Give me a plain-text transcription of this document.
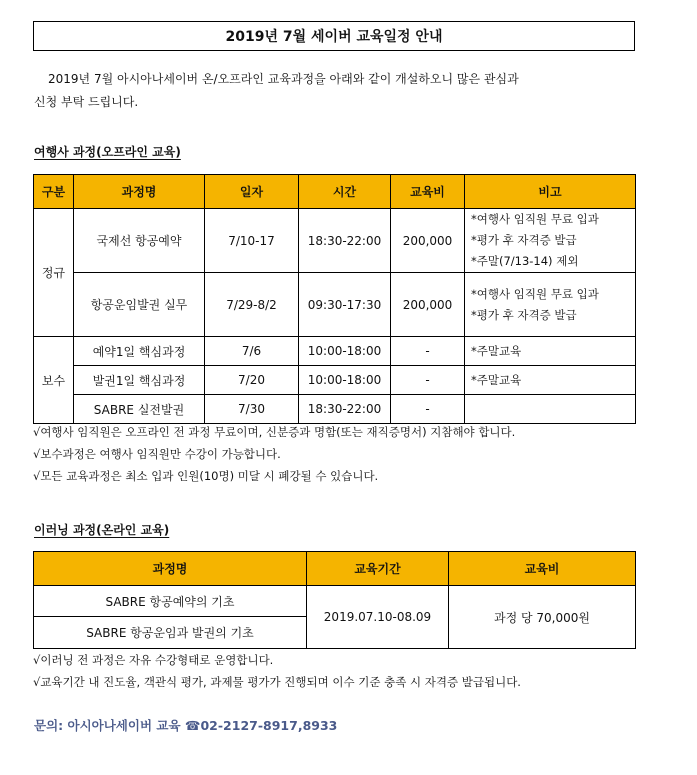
2019년 7월 세이버 교육일정 안내
2019년 7월 아시아나세이버 온/오프라인 교육과정을 아래와 같이 개설하오니 많은 관심과
신청 부탁 드립니다.
여행사 과정(오프라인 교육)
구분	과정명	일자	시간	교육비	비고
정규	국제선 항공예약	7/10-17	18:30-22:00	200,000	*여행사 임직원 무료 입과
*평가 후 자격증 발급
*주말(7/13-14) 제외

	항공운임발권 실무	7/29-8/2	09:30-17:30	200,000	*여행사 임직원 무료 입과
*평가 후 자격증 발급

보수	예약1일 핵심과정	7/6	10:00-18:00	-	*주말교육

	발권1일 핵심과정	7/20	10:00-18:00	-	*주말교육

	SABRE 실전발권	7/30	18:30-22:00	-	
√여행사 임직원은 오프라인 전 과정 무료이며, 신분증과 명함(또는 재직증명서) 지참해야 합니다.
√보수과정은 여행사 임직원만 수강이 가능합니다.
√모든 교육과정은 최소 입과 인원(10명) 미달 시 폐강될 수 있습니다.
이러닝 과정(온라인 교육)
과정명	교육기간	교육비
SABRE 항공예약의 기초	2019.07.10-08.09	과정 당 70,000원
SABRE 항공운임과 발권의 기초		
√이러닝 전 과정은 자유 수강형태로 운영합니다.
√교육기간 내 진도율, 객관식 평가, 과제물 평가가 진행되며 이수 기준 충족 시 자격증 발급됩니다.
문의: 아시아나세이버 교육 ☎02-2127-8917,8933
